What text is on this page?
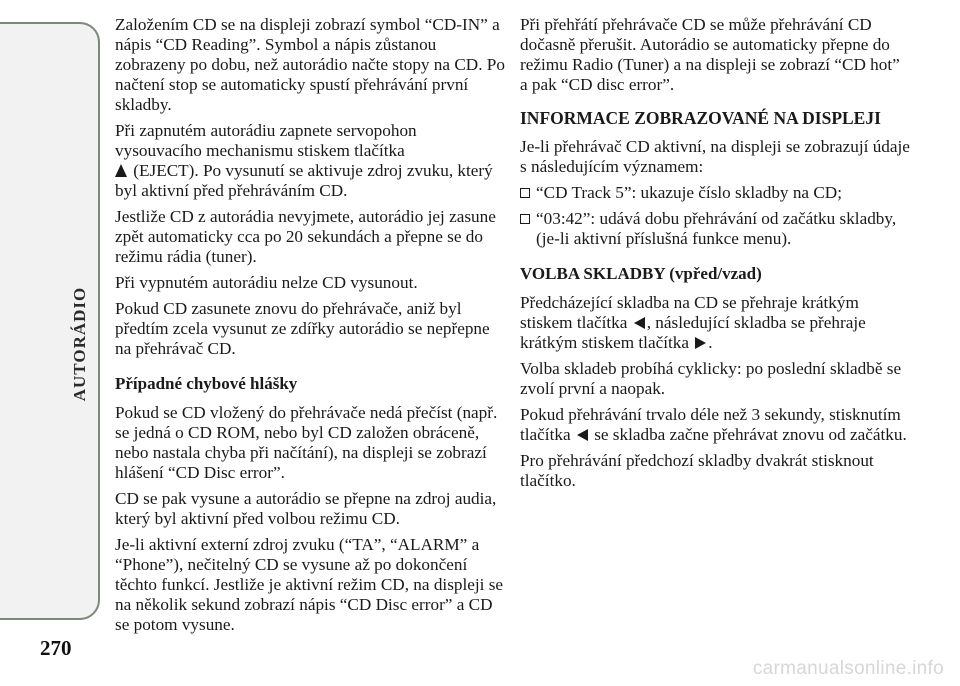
AUTORÁDIO
270

Založením CD se na displeji zobrazí symbol “CD-IN” a nápis “CD Reading”. Symbol a nápis zůstanou zobrazeny po dobu, než autorádio načte stopy na CD. Po načtení stop se automaticky spustí přehrávání první skladby.

Při zapnutém autorádiu zapnete servopohon vysouvacího mechanismu stiskem tlačítka
(EJECT). Po vysunutí se aktivuje zdroj zvuku, který byl aktivní před přehráváním CD.

Jestliže CD z autorádia nevyjmete, autorádio jej zasune zpět automaticky cca po 20 sekundách a přepne se do režimu rádia (tuner).

Při vypnutém autorádiu nelze CD vysunout.

Pokud CD zasunete znovu do přehrávače, aniž byl předtím zcela vysunut ze zdířky autorádio se nepřepne na přehrávač CD.

Případné chybové hlášky

Pokud se CD vložený do přehrávače nedá přečíst (např. se jedná o CD ROM, nebo byl CD založen obráceně, nebo nastala chyba při načítání), na displeji se zobrazí hlášení “CD Disc error”.

CD se pak vysune a autorádio se přepne na zdroj audia, který byl aktivní před volbou režimu CD.

Je-li aktivní externí zdroj zvuku (“TA”, “ALARM” a “Phone”), nečitelný CD se vysune až po dokončení těchto funkcí. Jestliže je aktivní režim CD, na displeji se na několik sekund zobrazí nápis “CD Disc error” a CD se potom vysune.

Při přehřátí přehrávače CD se může přehrávání CD dočasně přerušit. Autorádio se automaticky přepne do režimu Radio (Tuner) a na displeji se zobrazí “CD hot” a pak “CD disc error”.

INFORMACE ZOBRAZOVANÉ NA DISPLEJI

Je-li přehrávač CD aktivní, na displeji se zobrazují údaje s následujícím významem:

“CD Track 5”: ukazuje číslo skladby na CD;
“03:42”: udává dobu přehrávání od začátku skladby, (je-li aktivní příslušná funkce menu).
VOLBA SKLADBY (vpřed/vzad)

Předcházející skladba na CD se přehraje krátkým stiskem tlačítka , následující skladba se přehraje krátkým stiskem tlačítka .

Volba skladeb probíhá cyklicky: po poslední skladbě se zvolí první a naopak.

Pokud přehrávání trvalo déle než 3 sekundy, stisknutím tlačítka se skladba začne přehrávat znovu od začátku.

Pro přehrávání předchozí skladby dvakrát stisknout tlačítko.

carmanualsonline.info
